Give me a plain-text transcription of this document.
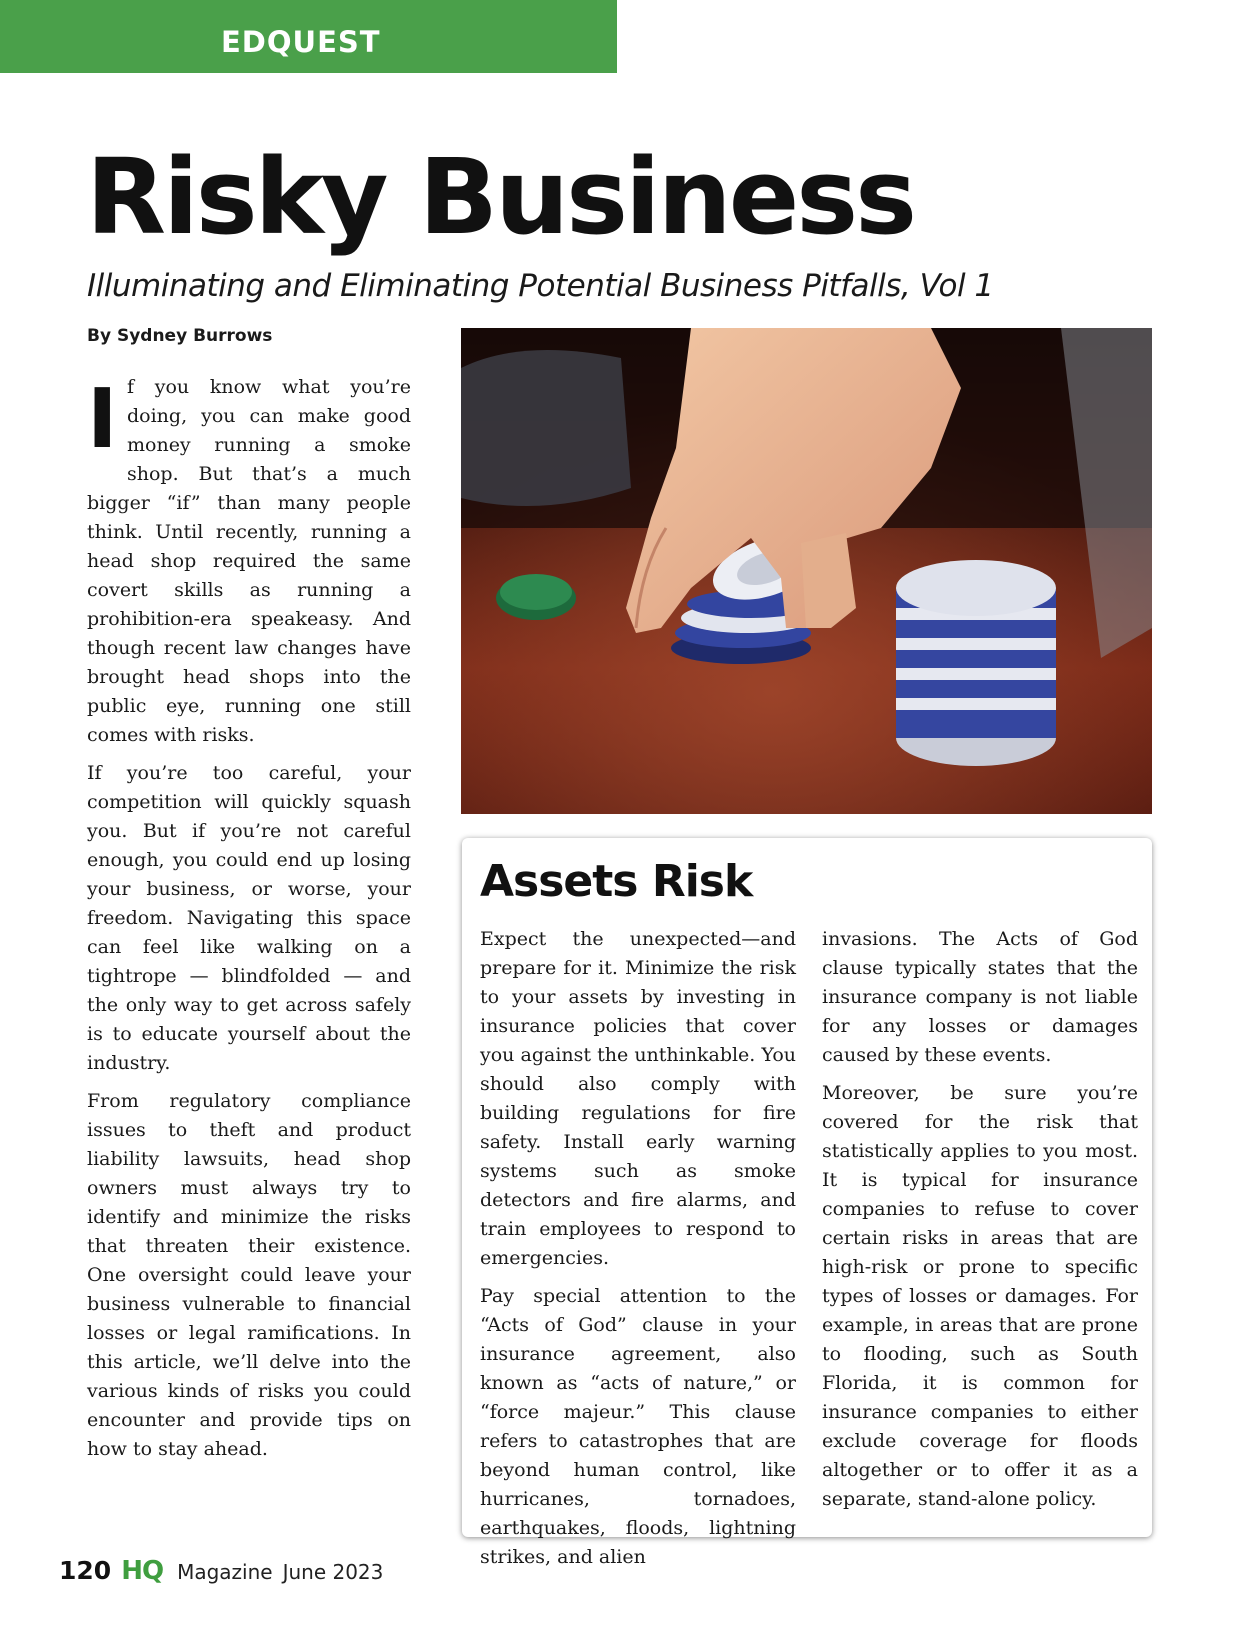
EDQUEST
Risky Business
Illuminating and Eliminating Potential Business Pitfalls, Vol 1
By Sydney Burrows

If you know what you’re doing, you can make good money running a smoke shop. But that’s a much bigger “if” than many people think. Until recently, running a head shop required the same covert skills as running a prohibition-era speakeasy. And though recent law changes have brought head shops into the public eye, running one still comes with risks.

If you’re too careful, your competition will quickly squash you. But if you’re not careful enough, you could end up losing your business, or worse, your freedom. Navigating this space can feel like walking on a tightrope — blindfolded — and the only way to get across safely is to educate yourself about the industry.

From regulatory compliance issues to theft and product liability lawsuits, head shop owners must always try to identify and minimize the risks that threaten their existence. One oversight could leave your business vulnerable to financial losses or legal ramifications. In this article, we’ll delve into the various kinds of risks you could encounter and provide tips on how to stay ahead.

Assets Risk

Expect the unexpected—and prepare for it. Minimize the risk to your assets by investing in insurance policies that cover you against the unthinkable. You should also comply with building regulations for fire safety. Install early warning systems such as smoke detectors and fire alarms, and train employees to respond to emergencies.

Pay special attention to the “Acts of God” clause in your insurance agreement, also known as “acts of nature,” or “force majeur.” This clause refers to catastrophes that are beyond human control, like hurricanes, tornadoes, earthquakes, floods, lightning strikes, and alien

invasions. The Acts of God clause typically states that the insurance company is not liable for any losses or damages caused by these events.

Moreover, be sure you’re covered for the risk that statistically applies to you most. It is typical for insurance companies to refuse to cover certain risks in areas that are high-risk or prone to specific types of losses or damages. For example, in areas that are prone to flooding, such as South Florida, it is common for insurance companies to either exclude coverage for floods altogether or to offer it as a separate, stand-alone policy.

120 HQ Magazine June 2023
